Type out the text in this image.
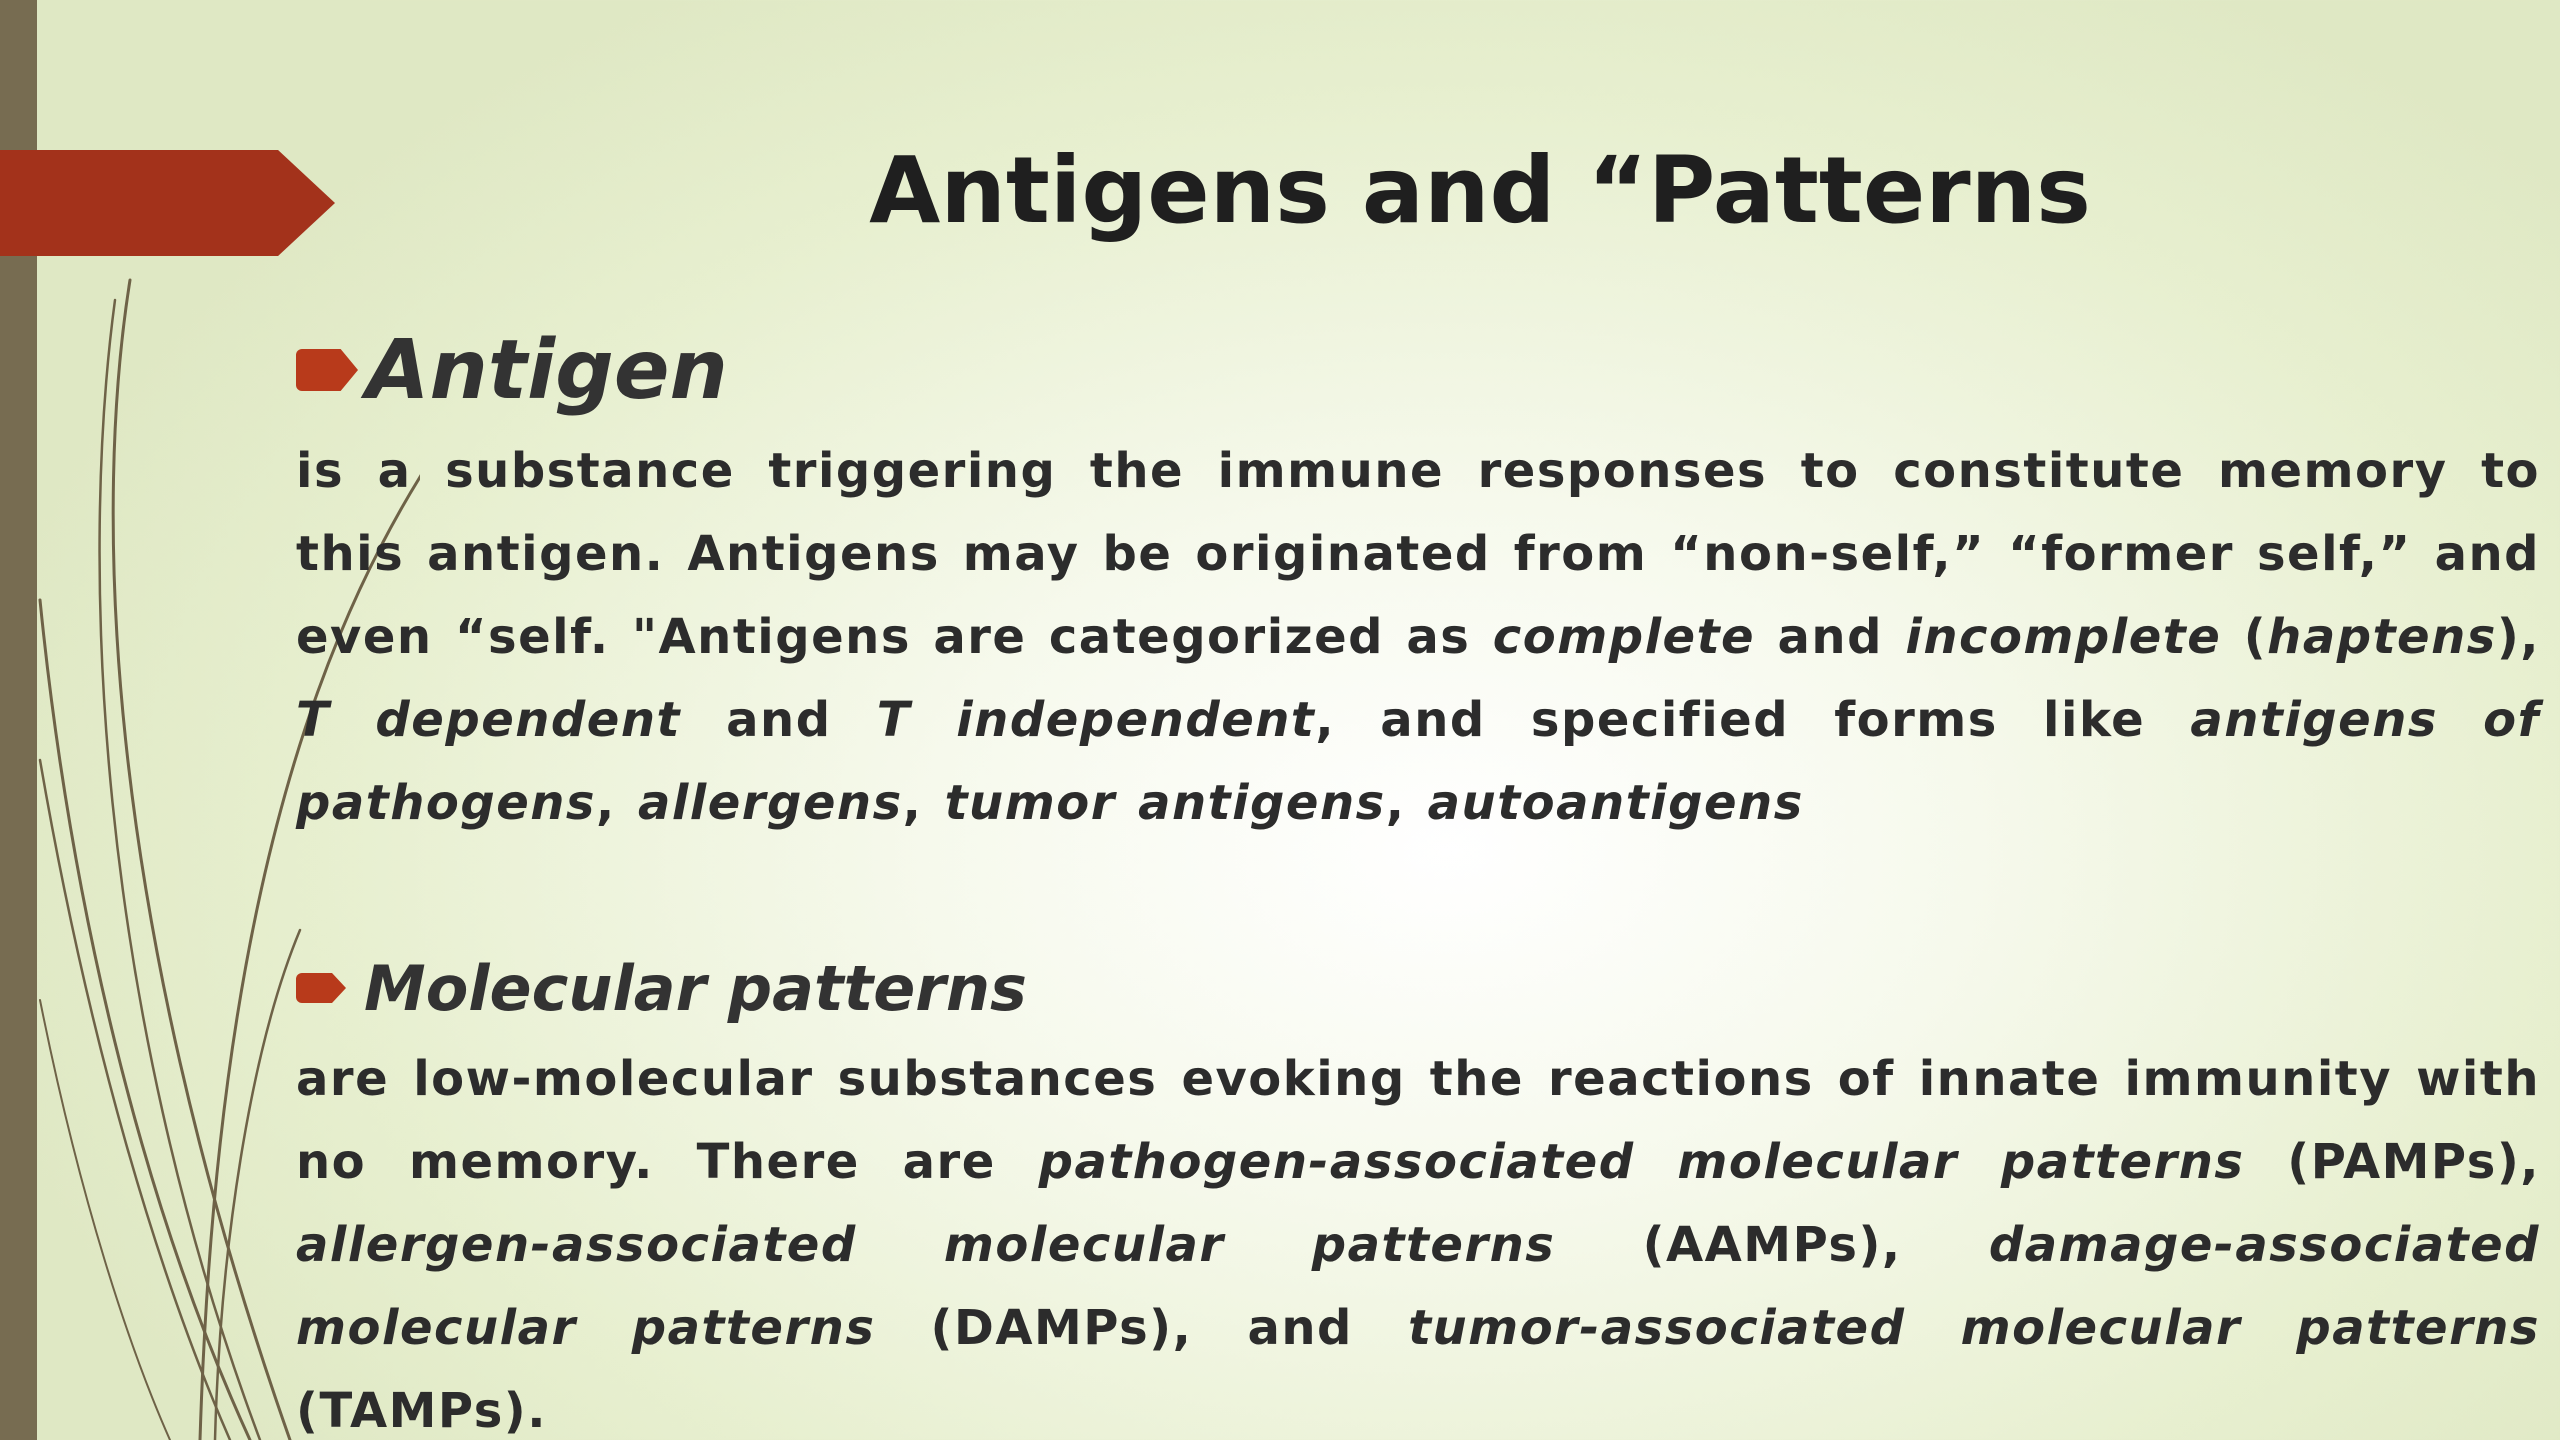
Antigens and “Patterns
Antigen

is a substance triggering the immune responses to constitute memory to this antigen. Antigens may be originated from “non-self,” “former self,” and even “self. "Antigens are categorized as complete and incomplete (haptens), T dependent and T independent, and specified forms like antigens of pathogens, allergens, tumor antigens, autoantigens

Molecular patterns

are low-molecular substances evoking the reactions of innate immunity with no memory. There are pathogen-associated molecular patterns (PAMPs), allergen-associated molecular patterns (AAMPs), damage-associated molecular patterns (DAMPs), and tumor-associated molecular patterns (TAMPs).
